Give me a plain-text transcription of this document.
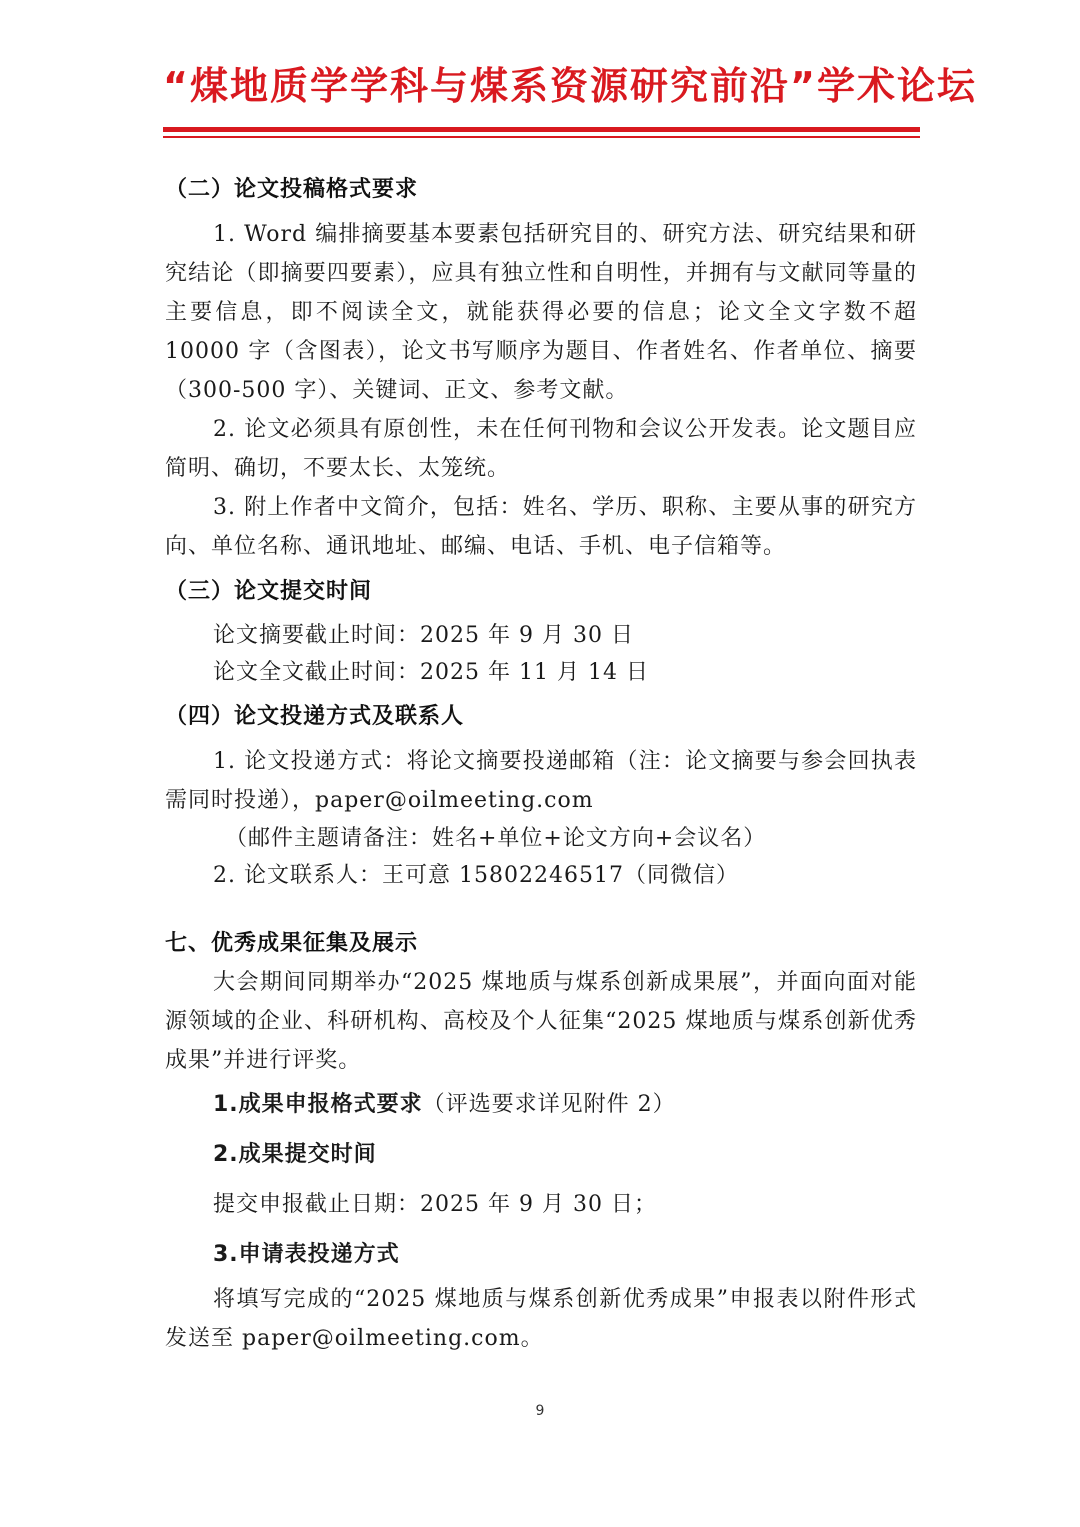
“煤地质学学科与煤系资源研究前沿”学术论坛
（二）论文投稿格式要求
1. Word 编排摘要基本要素包括研究目的、研究方法、研究结果和研究结论（即摘要四要素），应具有独立性和自明性，并拥有与文献同等量的主要信息，即不阅读全文，就能获得必要的信息；论文全文字数不超 10000 字（含图表），论文书写顺序为题目、作者姓名、作者单位、摘要（300-500 字）、关键词、正文、参考文献。
2. 论文必须具有原创性，未在任何刊物和会议公开发表。论文题目应简明、确切，不要太长、太笼统。
3. 附上作者中文简介，包括：姓名、学历、职称、主要从事的研究方向、单位名称、通讯地址、邮编、电话、手机、电子信箱等。
（三）论文提交时间
论文摘要截止时间：2025 年 9 月 30 日
论文全文截止时间：2025 年 11 月 14 日
（四）论文投递方式及联系人
1. 论文投递方式：将论文摘要投递邮箱（注：论文摘要与参会回执表需同时投递），paper@oilmeeting.com
（邮件主题请备注：姓名+单位+论文方向+会议名）
2. 论文联系人：王可意 15802246517（同微信）
七、优秀成果征集及展示
大会期间同期举办“2025 煤地质与煤系创新成果展”，并面向面对能源领域的企业、科研机构、高校及个人征集“2025 煤地质与煤系创新优秀成果”并进行评奖。
1.成果申报格式要求（评选要求详见附件 2）
2.成果提交时间
提交申报截止日期：2025 年 9 月 30 日；
3.申请表投递方式
将填写完成的“2025 煤地质与煤系创新优秀成果”申报表以附件形式发送至 paper@oilmeeting.com。
9
